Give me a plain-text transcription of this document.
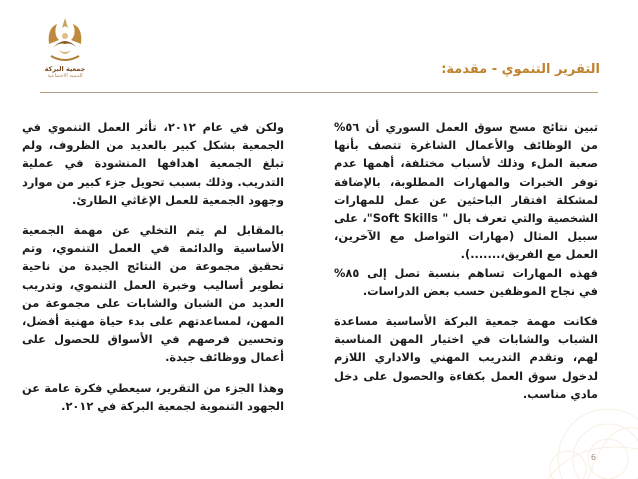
جمعية البركة
للتنمية الاجتماعية	التقرير التنموي - مقدمة:

تبين نتائج مسح سوق العمل السوري أن ٥٦% من الوظائف والأعمال الشاغرة تتصف بأنها صعبة الملء وذلك لأسباب مختلفة، أهمها عدم توفر الخبرات والمهارات المطلوبة، بالإضافة لمشكلة افتقار الباحثين عن عمل للمهارات الشخصية والتي تعرف بال " Soft Skills"، على سبيل المثال (مهارات التواصل مع الآخرين، العمل مع الفريق،.......).

فهذه المهارات تساهم بنسبة تصل إلى ٨٥% في نجاح الموظفين حسب بعض الدراسات.

فكانت مهمة جمعية البركة الأساسية مساعدة الشباب والشابات في اختيار المهن المناسبة لهم، وتقدم التدريب المهني والاداري اللازم لدخول سوق العمل بكفاءة والحصول على دخل مادي مناسب.

ولكن في عام ٢٠١٢، تأثر العمل التنموي في الجمعية بشكل كبير بالعديد من الظروف، ولم تبلغ الجمعية اهدافها المنشودة في عملية التدريب. وذلك بسبب تحويل جزء كبير من موارد وجهود الجمعية للعمل الإغاثي الطارئ.

بالمقابل لم يتم التخلي عن مهمة الجمعية الأساسية والدائمة في العمل التنموي، وتم تحقيق مجموعة من النتائج الجيدة من ناحية تطوير أساليب وخبرة العمل التنموي، وتدريب العديد من الشبان والشابات على مجموعة من المهن، لمساعدتهم على بدء حياة مهنية أفضل، وتحسين فرصهم في الأسواق للحصول على أعمال ووظائف جيدة.

وهذا الجزء من التقرير، سيعطي فكرة عامة عن الجهود التنموية لجمعية البركة في ٢٠١٢.

6
